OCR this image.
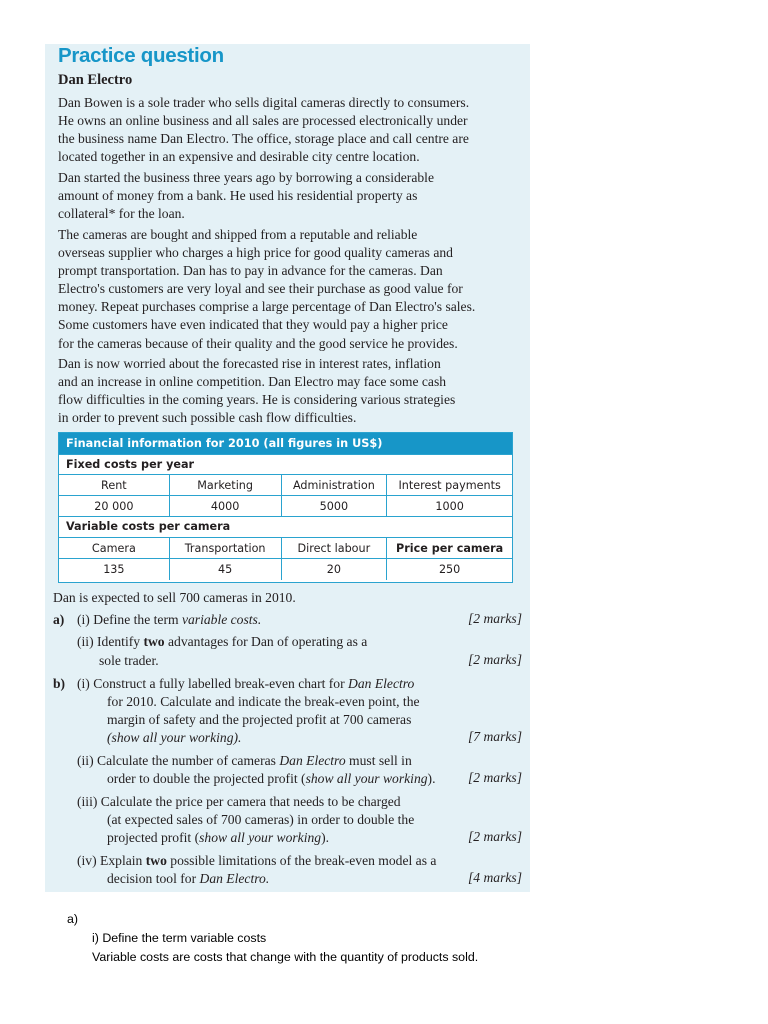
Practice question
Dan Electro

Dan Bowen is a sole trader who sells digital cameras directly to consumers.
He owns an online business and all sales are processed electronically under
the business name Dan Electro. The office, storage place and call centre are
located together in an expensive and desirable city centre location.

Dan started the business three years ago by borrowing a considerable
amount of money from a bank. He used his residential property as
collateral* for the loan.

The cameras are bought and shipped from a reputable and reliable
overseas supplier who charges a high price for good quality cameras and
prompt transportation. Dan has to pay in advance for the cameras. Dan
Electro's customers are very loyal and see their purchase as good value for
money. Repeat purchases comprise a large percentage of Dan Electro's sales.
Some customers have even indicated that they would pay a higher price
for the cameras because of their quality and the good service he provides.

Dan is now worried about the forecasted rise in interest rates, inflation
and an increase in online competition. Dan Electro may face some cash
flow difficulties in the coming years. He is considering various strategies
in order to prevent such possible cash flow difficulties.

Financial information for 2010 (all figures in US$)
Fixed costs per year
Rent	Marketing	Administration	Interest payments
20 000	4000	5000	1000
Variable costs per camera
Camera	Transportation	Direct labour	Price per camera
135	45	20	250

Dan is expected to sell 700 cameras in 2010.

a) (i) Define the term variable costs.	[2 marks]

(ii) Identify two advantages for Dan of operating as a

sole trader.	[2 marks]

b) (i) Construct a fully labelled break-even chart for Dan Electro

for 2010. Calculate and indicate the break-even point, the

margin of safety and the projected profit at 700 cameras

(show all your working).	[7 marks]

(ii) Calculate the number of cameras Dan Electro must sell in

order to double the projected profit (show all your working). [2 marks]

(iii) Calculate the price per camera that needs to be charged

(at expected sales of 700 cameras) in order to double the

projected profit (show all your working).	[2 marks]

(iv) Explain two possible limitations of the break-even model as a

decision tool for Dan Electro.	[4 marks]

a)

i) Define the term variable costs

Variable costs are costs that change with the quantity of products sold.
